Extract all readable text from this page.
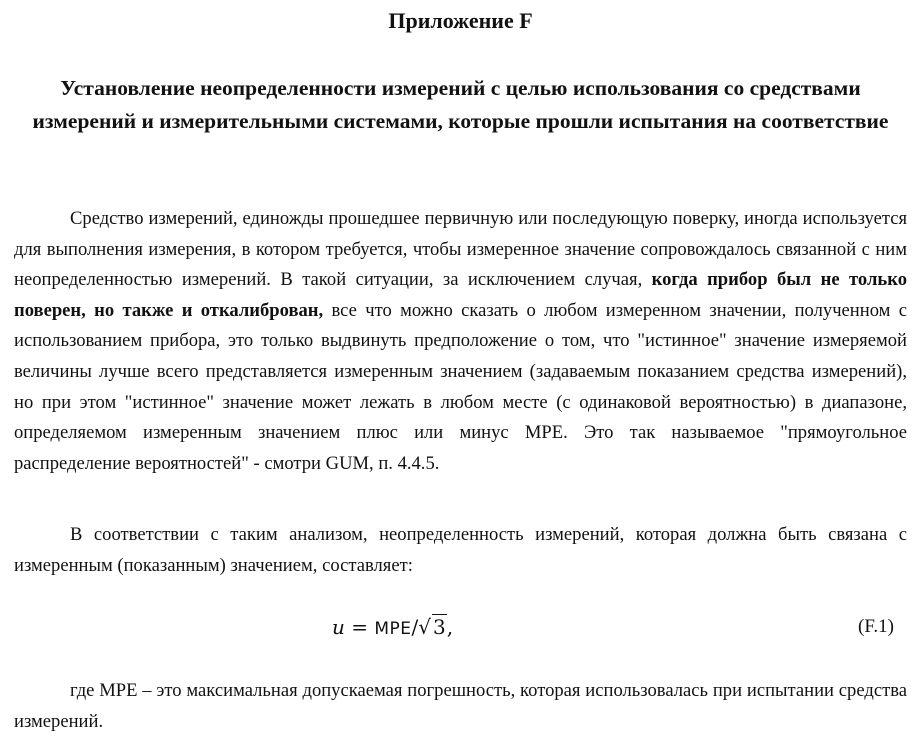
Приложение F
Установление неопределенности измерений с целью использования со средствами измерений и измерительными системами, которые прошли испытания на соответствие

Средство измерений, единожды прошедшее первичную или последующую поверку, иногда используется для выполнения измерения, в котором требуется, чтобы измеренное значение сопровождалось связанной с ним неопределенностью измерений. В такой ситуации, за исключением случая, когда прибор был не только поверен, но также и откалиброван, все что можно сказать о любом измеренном значении, полученном с использованием прибора, это только выдвинуть предположение о том, что "истинное" значение измеряемой величины лучше всего представляется измеренным значением (задаваемым показанием средства измерений), но при этом "истинное" значение может лежать в любом месте (с одинаковой вероятностью) в диапазоне, определяемом измеренным значением плюс или минус MPE. Это так называемое "прямоугольное распределение вероятностей" - смотри GUM, п. 4.4.5.

В соответствии с таким анализом, неопределенность измерений, которая должна быть связана с измеренным (показанным) значением, составляет:

u = MPE/√ 3,	(F.1)

где MPE – это максимальная допускаемая погрешность, которая использовалась при испытании средства измерений.
